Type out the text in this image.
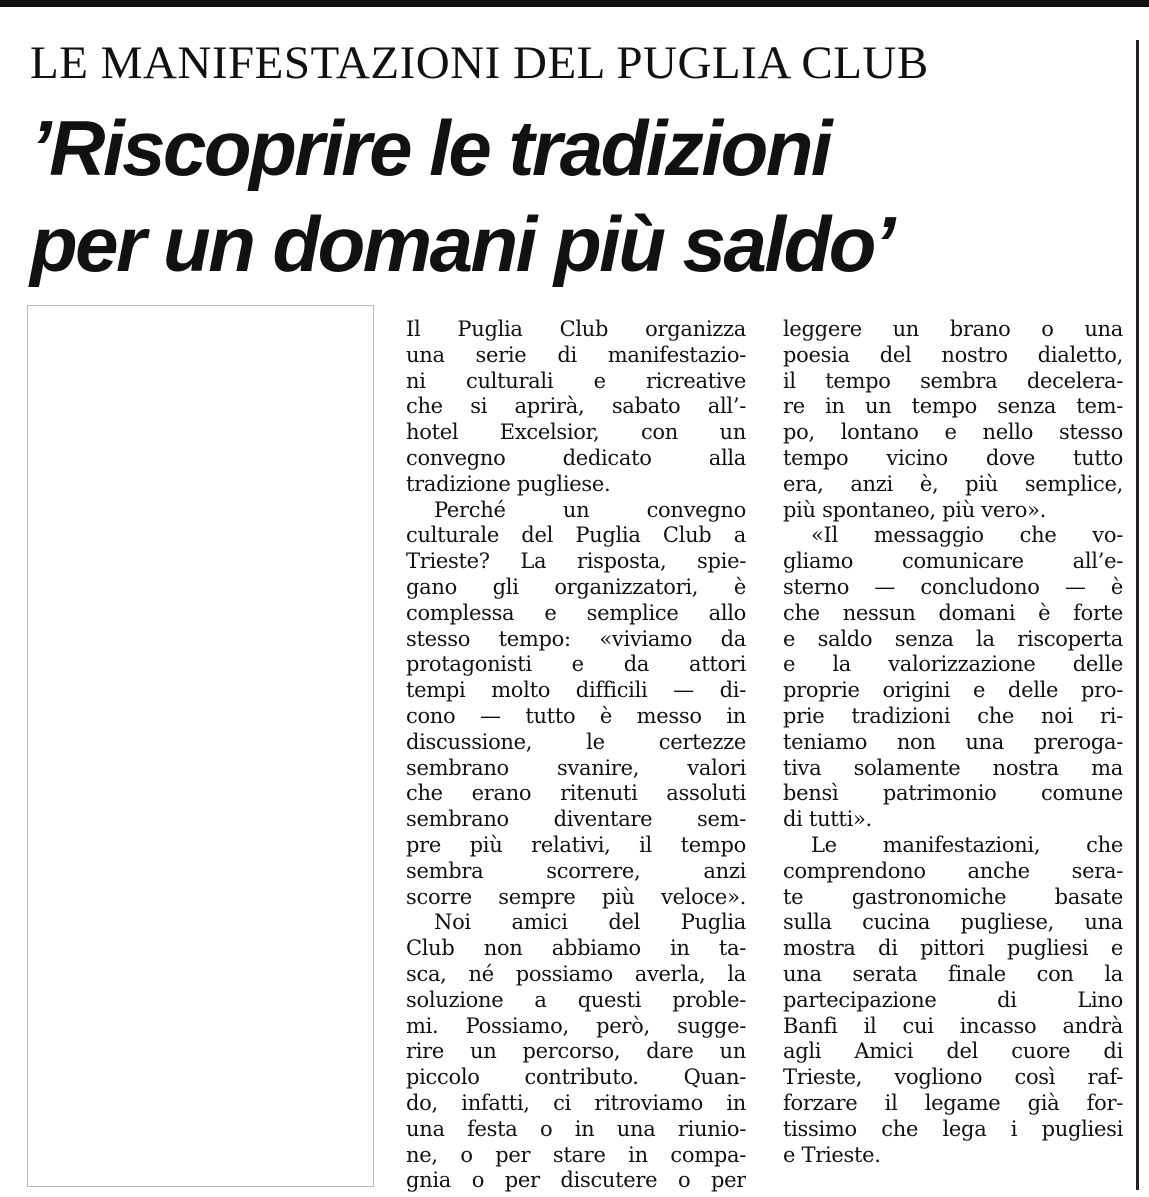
LE MANIFESTAZIONI DEL PUGLIA CLUB
’Riscoprire le tradizioni
per un domani più saldo’
Il Puglia Club organizza
una serie di manifestazio-
ni culturali e ricreative
che si aprirà, sabato all’-
hotel Excelsior, con un
convegno dedicato alla
tradizione pugliese.
Perché un convegno
culturale del Puglia Club a
Trieste? La risposta, spie-
gano gli organizzatori, è
complessa e semplice allo
stesso tempo: «viviamo da
protagonisti e da attori
tempi molto difficili — di-
cono — tutto è messo in
discussione, le certezze
sembrano svanire, valori
che erano ritenuti assoluti
sembrano diventare sem-
pre più relativi, il tempo
sembra scorrere, anzi
scorre sempre più veloce».
Noi amici del Puglia
Club non abbiamo in ta-
sca, né possiamo averla, la
soluzione a questi proble-
mi. Possiamo, però, sugge-
rire un percorso, dare un
piccolo contributo. Quan-
do, infatti, ci ritroviamo in
una festa o in una riunio-
ne, o per stare in compa-
gnia o per discutere o per
leggere un brano o una
poesia del nostro dialetto,
il tempo sembra decelera-
re in un tempo senza tem-
po, lontano e nello stesso
tempo vicino dove tutto
era, anzi è, più semplice,
più spontaneo, più vero».
«Il messaggio che vo-
gliamo comunicare all’e-
sterno — concludono — è
che nessun domani è forte
e saldo senza la riscoperta
e la valorizzazione delle
proprie origini e delle pro-
prie tradizioni che noi ri-
teniamo non una preroga-
tiva solamente nostra ma
bensì patrimonio comune
di tutti».
Le manifestazioni, che
comprendono anche sera-
te gastronomiche basate
sulla cucina pugliese, una
mostra di pittori pugliesi e
una serata finale con la
partecipazione di Lino
Banfi il cui incasso andrà
agli Amici del cuore di
Trieste, vogliono così raf-
forzare il legame già for-
tissimo che lega i pugliesi
e Trieste.
